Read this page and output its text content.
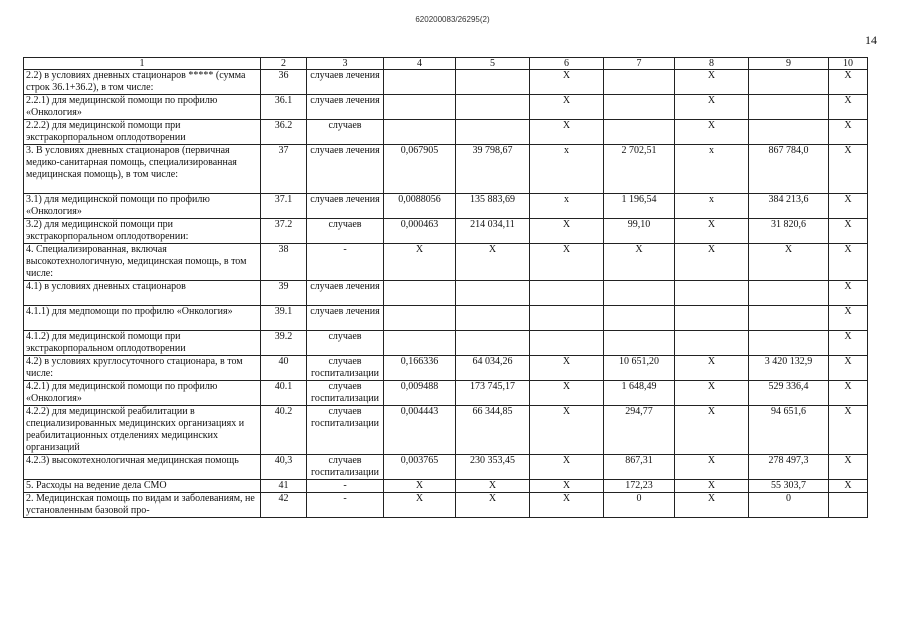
620200083/26295(2)
14
1	2	3	4	5	6	7	8	9	10
2.2) в условиях дневных стационаров ***** (сумма строк 36.1+36.2), в том числе:	36	случаев лечения			Х		Х		Х
2.2.1) для медицинской помощи по профилю «Онкология»	36.1	случаев лечения			Х		Х		Х
2.2.2) для медицинской помощи при экстракорпоральном оплодотворении	36.2	случаев			Х		Х		Х
3. В условиях дневных стационаров (первичная медико-санитарная помощь, специализированная медицинская помощь), в том числе:	37	случаев лечения	0,067905	39 798,67	х	2 702,51	х	867 784,0	Х
3.1) для медицинской помощи по профилю «Онкология»	37.1	случаев лечения	0,0088056	135 883,69	х	1 196,54	х	384 213,6	Х
3.2) для медицинской помощи при экстракорпоральном оплодотворении:	37.2	случаев	0,000463	214 034,11	Х	99,10	Х	31 820,6	Х
4. Специализированная, включая высокотехнологичную, медицинская помощь, в том числе:	38	-	Х	Х	Х	Х	Х	Х	Х
4.1) в условиях дневных стационаров	39	случаев лечения							Х
4.1.1) для медпомощи по профилю «Онкология»	39.1	случаев лечения							Х
4.1.2) для медицинской помощи при экстракорпоральном оплодотворении	39.2	случаев							Х
4.2) в условиях круглосуточного стационара, в том числе:	40	случаев госпитализации	0,166336	64 034,26	Х	10 651,20	Х	3 420 132,9	Х
4.2.1) для медицинской помощи по профилю «Онкология»	40.1	случаев госпитализации	0,009488	173 745,17	Х	1 648,49	Х	529 336,4	Х
4.2.2) для медицинской реабилитации в специализированных медицинских организациях и реабилитационных отделениях медицинских организаций	40.2	случаев госпитализации	0,004443	66 344,85	Х	294,77	Х	94 651,6	Х
4.2.3) высокотехнологичная медицинская помощь	40,3	случаев госпитализации	0,003765	230 353,45	Х	867,31	Х	278 497,3	Х
5. Расходы на ведение дела СМО	41	-	Х	Х	Х	172,23	Х	55 303,7	Х
2. Медицинская помощь по видам и заболеваниям, не установленным базовой про-	42	-	Х	Х	Х	0	Х	0	
